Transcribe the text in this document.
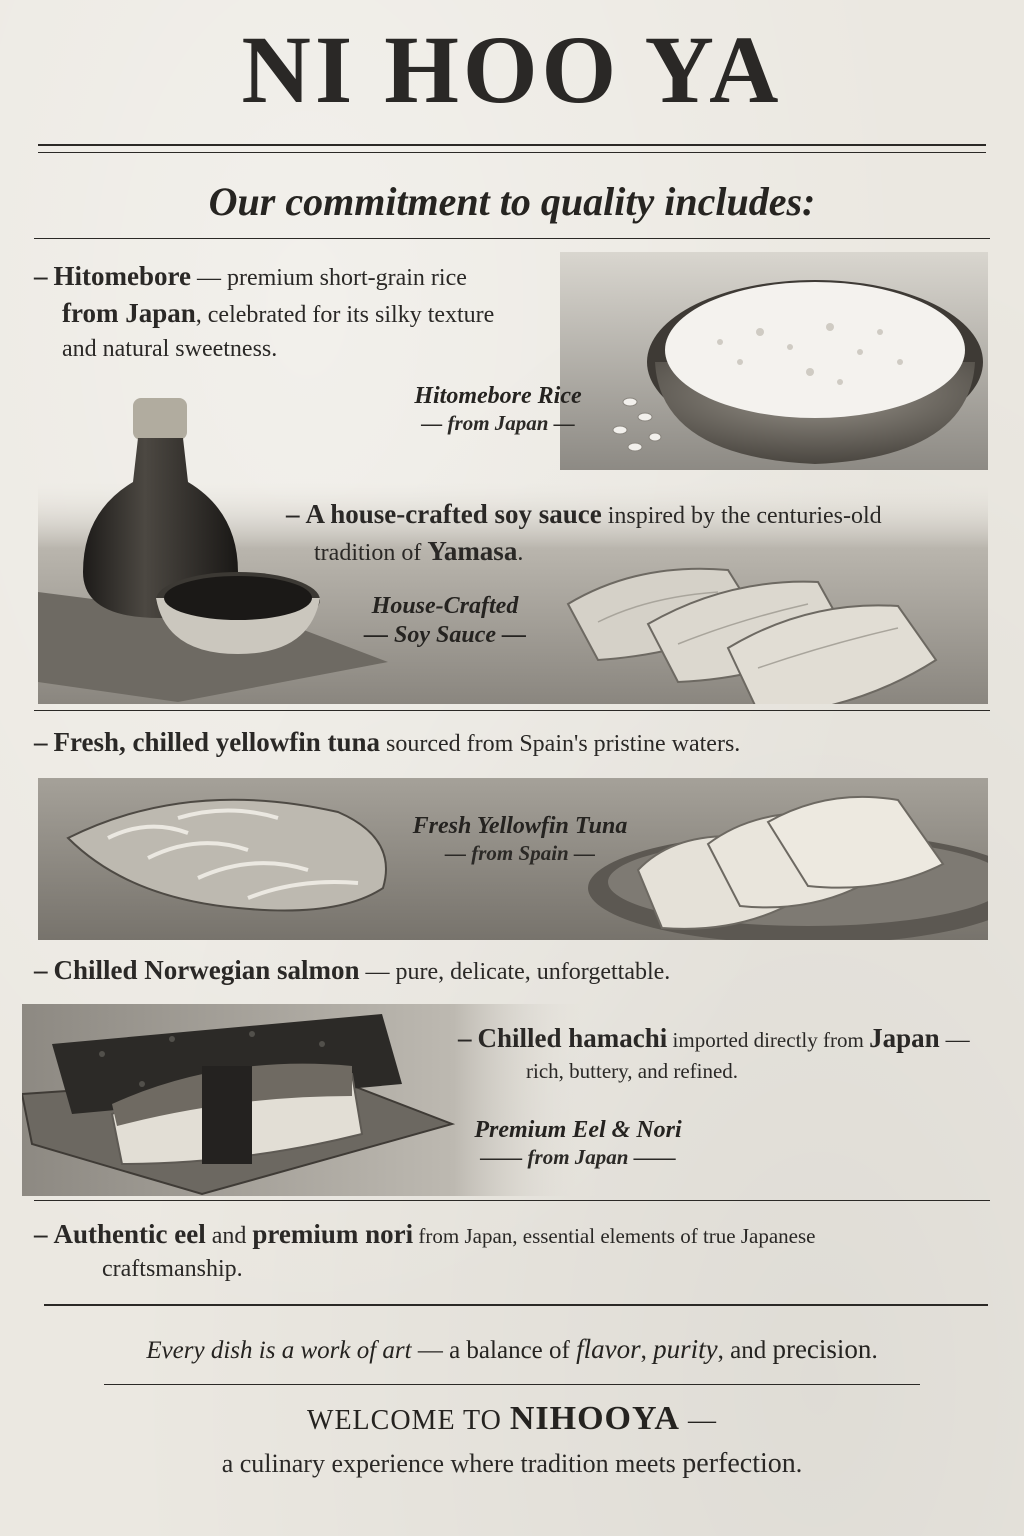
NI HOO YA
Our commitment to quality includes:
– Hitomebore — premium short-grain rice
from Japan, celebrated for its silky texture
and natural sweetness.
Hitomebore Rice
— from Japan —
– A house-crafted soy sauce inspired by the centuries-old
tradition of Yamasa.
House-Crafted
— Soy Sauce —
– Fresh, chilled yellowfin tuna sourced from Spain's pristine waters.
Fresh Yellowfin Tuna
— from Spain —
– Chilled Norwegian salmon — pure, delicate, unforgettable.
– Chilled hamachi imported directly from Japan —
rich, buttery, and refined.
Premium Eel & Nori
—— from Japan ——
– Authentic eel and premium nori from Japan, essential elements of true Japanese
craftsmanship.
Every dish is a work of art — a balance of flavor, purity, and precision.
WELCOME TO NIHOOYA —
a culinary experience where tradition meets perfection.
